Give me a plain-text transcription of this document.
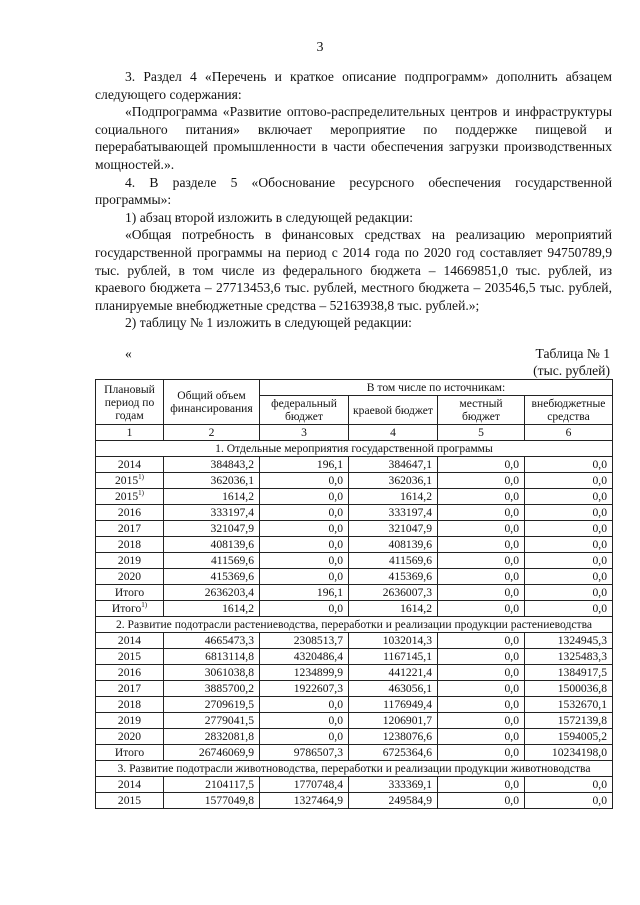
3

3. Раздел 4 «Перечень и краткое описание подпрограмм» дополнить абзацем следующего содержания:

«Подпрограмма «Развитие оптово-распределительных центров и инфраструктуры социального питания» включает мероприятие по поддержке пищевой и перерабатывающей промышленности в части обеспечения загрузки производственных мощностей.».

4. В разделе 5 «Обоснование ресурсного обеспечения государственной программы»:

1) абзац второй изложить в следующей редакции:

«Общая потребность в финансовых средствах на реализацию мероприятий государственной программы на период с 2014 года по 2020 год составляет 94750789,9 тыс. рублей, в том числе из федерального бюджета – 14669851,0 тыс. рублей, из краевого бюджета – 27713453,6 тыс. рублей, местного бюджета – 203546,5 тыс. рублей, планируемые внебюджетные средства – 52163938,8 тыс. рублей.»;

2) таблицу № 1 изложить в следующей редакции:

«	Таблица № 1
(тыс. рублей)
Плановый период по годам	Общий объем финансирования	В том числе по источникам:			
		федеральный бюджет	краевой бюджет	местный бюджет	внебюджетные средства
1	2	3	4	5	6
1. Отдельные мероприятия государственной программы					
2014	384843,2	196,1	384647,1	0,0	0,0
2015$^{1)}$	362036,1	0,0	362036,1	0,0	0,0
2015$^{1)}$	1614,2	0,0	1614,2	0,0	0,0
2016	333197,4	0,0	333197,4	0,0	0,0
2017	321047,9	0,0	321047,9	0,0	0,0
2018	408139,6	0,0	408139,6	0,0	0,0
2019	411569,6	0,0	411569,6	0,0	0,0
2020	415369,6	0,0	415369,6	0,0	0,0
Итого	2636203,4	196,1	2636007,3	0,0	0,0
Итого$^{1)}$	1614,2	0,0	1614,2	0,0	0,0
2. Развитие подотрасли растениеводства, переработки и реализации продукции растениеводства					
2014	4665473,3	2308513,7	1032014,3	0,0	1324945,3
2015	6813114,8	4320486,4	1167145,1	0,0	1325483,3
2016	3061038,8	1234899,9	441221,4	0,0	1384917,5
2017	3885700,2	1922607,3	463056,1	0,0	1500036,8
2018	2709619,5	0,0	1176949,4	0,0	1532670,1
2019	2779041,5	0,0	1206901,7	0,0	1572139,8
2020	2832081,8	0,0	1238076,6	0,0	1594005,2
Итого	26746069,9	9786507,3	6725364,6	0,0	10234198,0
3. Развитие подотрасли животноводства, переработки и реализации продукции животноводства					
2014	2104117,5	1770748,4	333369,1	0,0	0,0
2015	1577049,8	1327464,9	249584,9	0,0	0,0
